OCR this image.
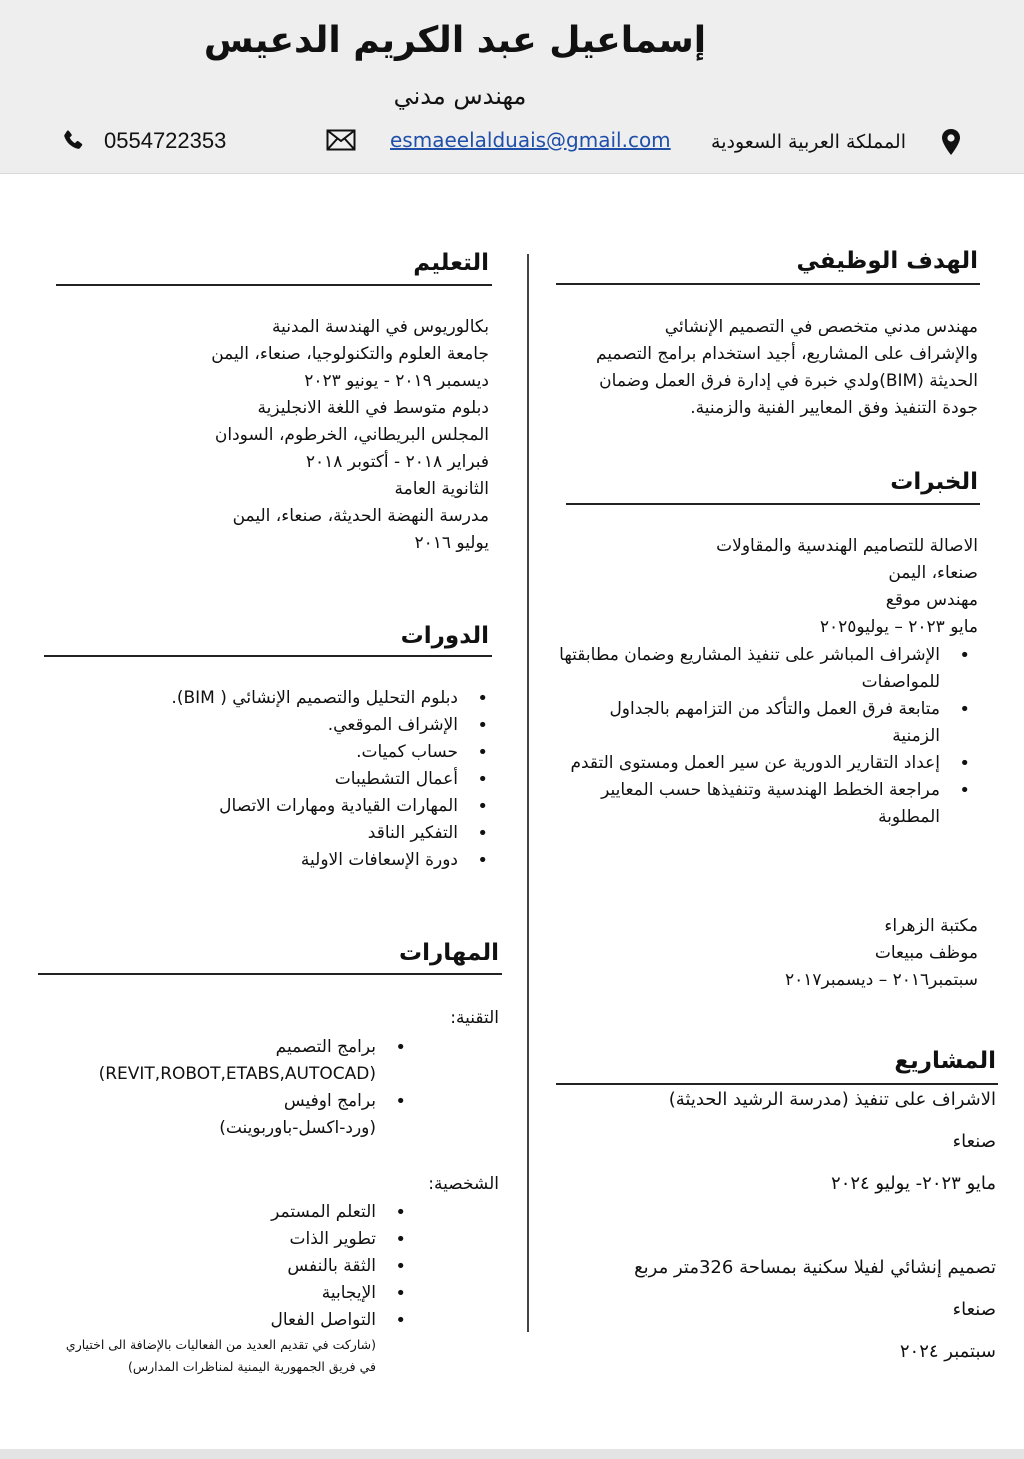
إسماعيل عبد الكريم الدعيس
مهندس مدني
0554722353	esmaeelalduais@gmail.com المملكة العربية السعودية
الهدف الوظيفي

مهندس مدني متخصص في التصميم الإنشائي

والإشراف على المشاريع، أجيد استخدام برامج التصميم

الحديثة (BIM)ولدي خبرة في إدارة فرق العمل وضمان

جودة التنفيذ وفق المعايير الفنية والزمنية.

الخبرات

الاصالة للتصاميم الهندسية والمقاولات

صنعاء، اليمن

مهندس موقع

مايو ٢٠٢٣ – يوليو٢٠٢٥

• الإشراف المباشر على تنفيذ المشاريع وضمان مطابقتها للمواصفات
• متابعة فرق العمل والتأكد من التزامهم بالجداول الزمنية
• إعداد التقارير الدورية عن سير العمل ومستوى التقدم
• مراجعة الخطط الهندسية وتنفيذها حسب المعايير المطلوبة

مكتبة الزهراء

موظف مبيعات

سبتمبر٢٠١٦ – ديسمبر٢٠١٧

المشاريع

الاشراف على تنفيذ (مدرسة الرشيد الحديثة)

صنعاء

مايو ٢٠٢٣- يوليو ٢٠٢٤

تصميم إنشائي لفيلا سكنية بمساحة 326متر مربع

صنعاء

سبتمبر ٢٠٢٤

التعليم

بكالوريوس في الهندسة المدنية

جامعة العلوم والتكنولوجيا، صنعاء، اليمن

ديسمبر ٢٠١٩ - يونيو ٢٠٢٣

دبلوم متوسط في اللغة الانجليزية

المجلس البريطاني، الخرطوم، السودان

فبراير ٢٠١٨ - أكتوبر ٢٠١٨

الثانوية العامة

مدرسة النهضة الحديثة، صنعاء، اليمن

يوليو ٢٠١٦

الدورات
• دبلوم التحليل والتصميم الإنشائي ( BIM).
• الإشراف الموقعي.
• حساب كميات.
• أعمال التشطيبات
• المهارات القيادية ومهارات الاتصال
• التفكير الناقد
• دورة الإسعافات الاولية
المهارات

التقنية:

• برامج التصميم
(REVIT,ROBOT,ETABS,AUTOCAD)
• برامج اوفيس
(ورد-اكسل-باوربوينت)

الشخصية:

• التعلم المستمر
• تطوير الذات
• الثقة بالنفس
• الإيجابية
• التواصل الفعال

(شاركت في تقديم العديد من الفعاليات بالإضافة الى اختياري

في فريق الجمهورية اليمنية لمناظرات المدارس)
